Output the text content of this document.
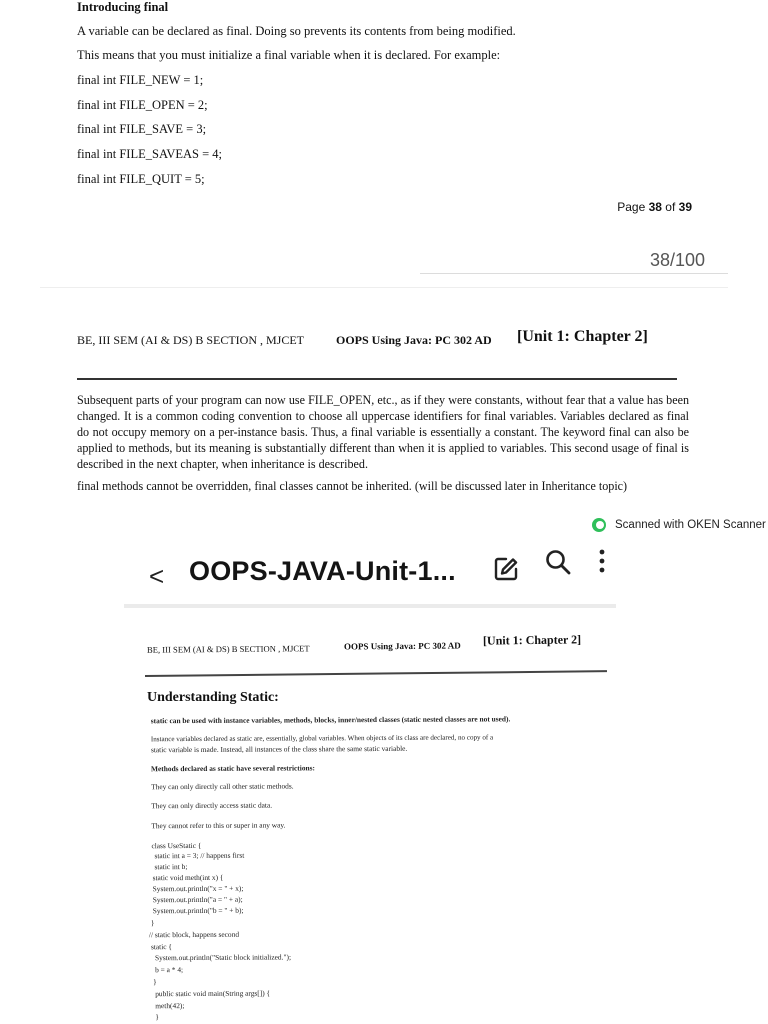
Introducing final
A variable can be declared as final. Doing so prevents its contents from being modified.
This means that you must initialize a final variable when it is declared. For example:
final int FILE_NEW = 1;
final int FILE_OPEN = 2;
final int FILE_SAVE = 3;
final int FILE_SAVEAS = 4;
final int FILE_QUIT = 5;
Page 38 of 39
38/100
BE, III SEM (AI & DS) B SECTION , MJCET	OOPS Using Java: PC 302 AD [Unit 1: Chapter 2]
Subsequent parts of your program can now use FILE_OPEN, etc., as if they were constants, without fear that a value has been changed. It is a common coding convention to choose all uppercase identifiers for final variables. Variables declared as final do not occupy memory on a per-instance basis. Thus, a final variable is essentially a constant. The keyword final can also be applied to methods, but its meaning is substantially different than when it is applied to variables. This second usage of final is described in the next chapter, when inheritance is described.
final methods cannot be overridden, final classes cannot be inherited. (will be discussed later in Inheritance topic)
Scanned with OKEN Scanner
< OOPS-JAVA-Unit-1...
BE, III SEM (AI & DS) B SECTION , MJCET	OOPS Using Java: PC 302 AD [Unit 1: Chapter 2]
Understanding Static:
static can be used with instance variables, methods, blocks, inner/nested classes (static nested classes are not used).
Instance variables declared as static are, essentially, global variables. When objects of its class are declared, no copy of a
static variable is made. Instead, all instances of the class share the same static variable.
Methods declared as static have several restrictions:
They can only directly call other static methods.
They can only directly access static data.
They cannot refer to this or super in any way.
class UseStatic {
static int a = 3; // happens first
static int b;
static void meth(int x) {
System.out.println("x = " + x);
System.out.println("a = " + a);
System.out.println("b = " + b);
}
// static block, happens second
static {
System.out.println("Static block initialized.");
b = a * 4;
}
public static void main(String args[]) {
meth(42);
}
